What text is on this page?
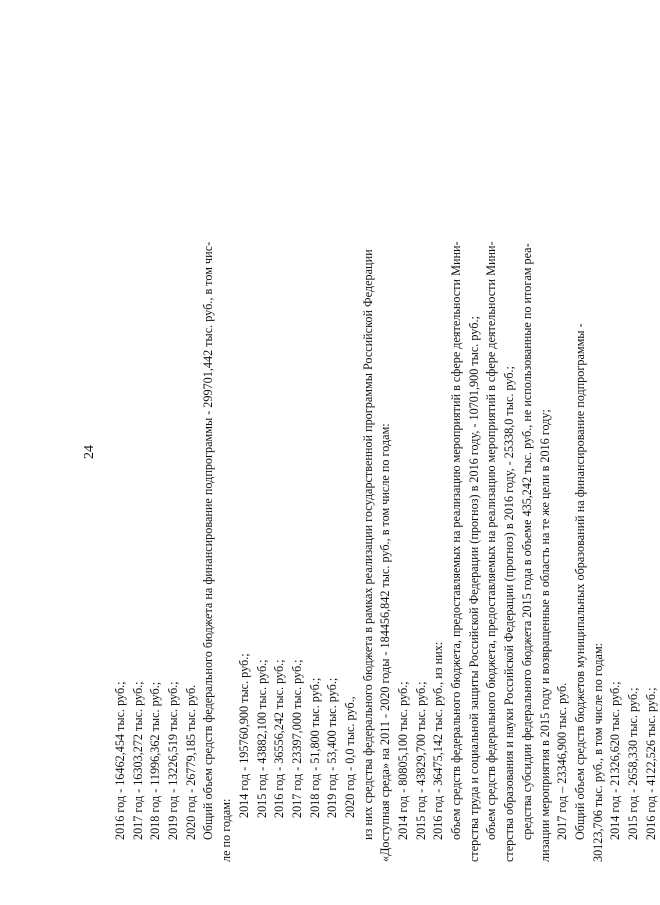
24
2016 год - 16462,454 тыс. руб.; 2017 год - 16303,272 тыс. руб.; 2018 год - 11996,362 тыс. руб.; 2019 год - 13226,519 тыс. руб.; 2020 год - 26779,185 тыс. руб. Общий объем средств федерального бюджета на финансирование подпрограммы - 299701,442 тыс. руб., в том чис- ле по годам:
2014 год - 195760,900 тыс. руб.; 2015 год - 43882,100 тыс. руб.; 2016 год - 36556,242 тыс. руб.; 2017 год - 23397,000 тыс. руб.; 2018 год - 51,800 тыс. руб.; 2019 год - 53,400 тыс. руб.; 2020 год - 0,0 тыс. руб., из них средства федерального бюджета в рамках реализации государственной программы Российской Федерации «Доступная среда» на 2011 - 2020 годы - 184456,842 тыс. руб., в том числе по годам: 2014 год - 80805,100 тыс. руб.; 2015 год - 43829,700 тыс. руб.; 2016 год - 36475,142 тыс. руб., из них: объем средств федерального бюджета, предоставляемых на реализацию мероприятий в сфере деятельности Мини- стерства труда и социальной защиты Российской Федерации (прогноз) в 2016 году, - 10701,900 тыс. руб.; объем средств федерального бюджета, предоставляемых на реализацию мероприятий в сфере деятельности Мини- стерства образования и науки Российской Федерации (прогноз) в 2016 году, - 25338,0 тыс. руб.; средства субсидии федерального бюджета 2015 года в объеме 435,242 тыс. руб., не использованные по итогам реа- лизации мероприятия в 2015 году и возвращенные в область на те же цели в 2016 году; 2017 год – 23346,900 тыс. руб. Общий объем средств бюджетов муниципальных образований на финансирование подпрограммы - 30123,706 тыс. руб., в том числе по годам: 2014 год - 21326,620 тыс. руб.; 2015 год - 2658,330 тыс. руб.; 2016 год - 4122,526 тыс. руб.;
